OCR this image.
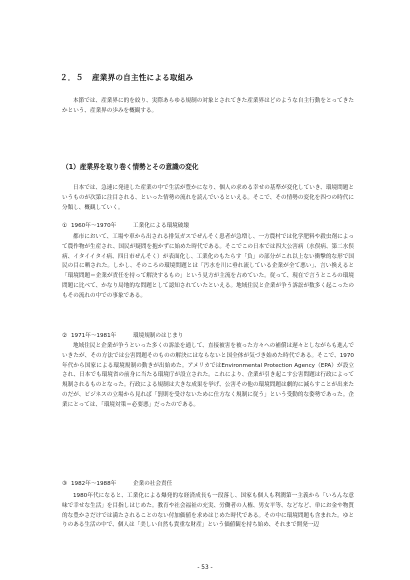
２．５ 産業界の自主性による取組み

本節では、産業界に的を絞り、実際あらゆる規制の対象とされてきた産業界はどのような自主行動をとってきたかという、産業界の歩みを概観する。

（1）産業界を取り巻く情勢とその意識の変化

日本では、急速に発達した産業の中で生活が豊かになり、個人の求める幸せの基準が変化していき、環境問題というものが次第に注目される、といった情勢の流れを読んでいるといえる。そこで、その情勢の変化を四つの時代に分類し、概観していく。

① 1960年～1970年	工業化による環境破壊

都市において、工場や車から出される排気ガスでぜんそく患者が急増し、一方農村では化学肥料や殺虫剤によって農作物が生産され、国民が疑問を抱かずに始めた時代である。そこでこの日本では四大公害病（水俣病、第二水俣病、イタイイタイ病、四日市ぜんそく）が表面化し、工業化のもたらす「負」の部分がこれ以上ない衝撃的な形で国民の目に晒された。しかし、そのころの環境問題とは「汚水を川に垂れ流している企業が全て悪い」、言い換えると「環境問題＝企業が責任を持って解決するもの」という見方が主流を占めていた。従って、現在で言うところの環境問題に比べて、かなり局地的な問題として認知されていたといえる。地域住民と企業が争う訴訟が数多く起こったのもその流れの中での事象である。

② 1971年～1981年	環境規制のはじまり

地域住民と企業が争うといった多くの訴訟を通して、直接被害を被った方々への補償は遅々としながらも進んでいきたが、その方法では公害問題そのものの解決にはならないと国全体が気づき始めた時代である。そこで、1970年代から国家による環境規制の動きが出始めた。アメリカではEnvironmental Protection Agency（EPA）が設立され、日本でも環境省の前身に当たる環境庁が設立された。これにより、企業が引き起こす公害問題は行政によって規制されるものとなった。行政による規制は大きな成果を挙げ、公害その他の環境問題は劇的に減らすことが出来たのだが、ビジネスの立場から見れば「罰則を受けないために仕方なく規制に従う」という受動的な姿勢であった。企業にとっては、「環境対策＝必要悪」だったのである。

③ 1982年～1988年	企業の社会責任

1980年代になると、工業化による爆発的な経済成長も一段落し、国家も個人も利潤第一主義から「いろんな意味で幸せな生活」を目指しはじめた。教育や社会福祉の充実、労働者の人権、男女平等、などなど、単にお金や物質的な豊かさだけでは満たされることのない付加価値を求めはじめた時代である。その中に環境問題も含まれた。ゆとりのある生活の中で、個人は「美しい自然も貴重な財産」という価値観を持ち始め、それまで開発一辺

- 53 -
